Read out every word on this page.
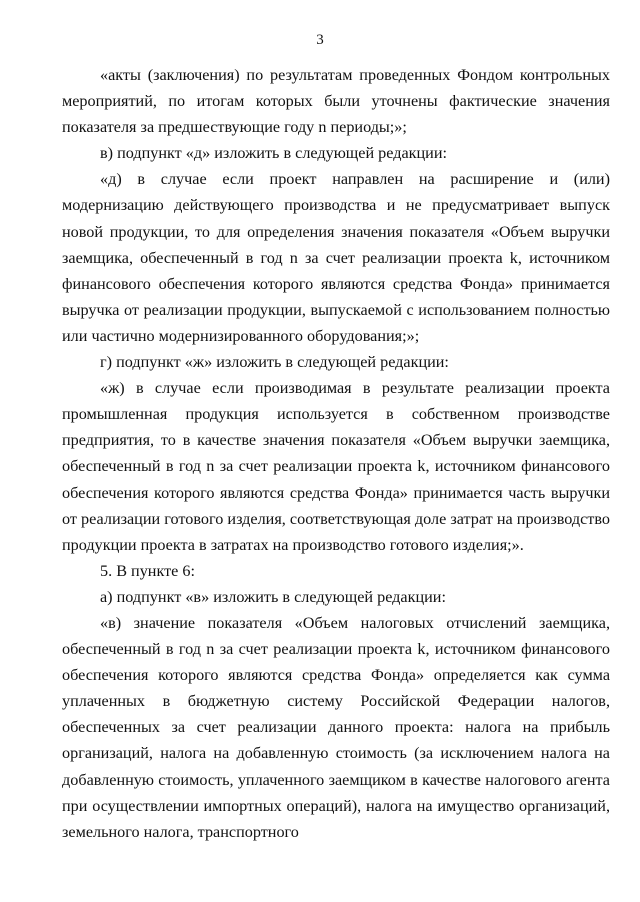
3

«акты (заключения) по результатам проведенных Фондом контрольных мероприятий, по итогам которых были уточнены фактические значения показателя за предшествующие году n периоды;»;

в) подпункт «д» изложить в следующей редакции:

«д) в случае если проект направлен на расширение и (или) модернизацию действующего производства и не предусматривает выпуск новой продукции, то для определения значения показателя «Объем выручки заемщика, обеспеченный в год n за счет реализации проекта k, источником финансового обеспечения которого являются средства Фонда» принимается выручка от реализации продукции, выпускаемой с использованием полностью или частично модернизированного оборудования;»;

г) подпункт «ж» изложить в следующей редакции:

«ж) в случае если производимая в результате реализации проекта промышленная продукция используется в собственном производстве предприятия, то в качестве значения показателя «Объем выручки заемщика, обеспеченный в год n за счет реализации проекта k, источником финансового обеспечения которого являются средства Фонда» принимается часть выручки от реализации готового изделия, соответствующая доле затрат на производство продукции проекта в затратах на производство готового изделия;».

5. В пункте 6:

а) подпункт «в» изложить в следующей редакции:

«в) значение показателя «Объем налоговых отчислений заемщика, обеспеченный в год n за счет реализации проекта k, источником финансового обеспечения которого являются средства Фонда» определяется как сумма уплаченных в бюджетную систему Российской Федерации налогов, обеспеченных за счет реализации данного проекта: налога на прибыль организаций, налога на добавленную стоимость (за исключением налога на добавленную стоимость, уплаченного заемщиком в качестве налогового агента при осуществлении импортных операций), налога на имущество организаций, земельного налога, транспортного
